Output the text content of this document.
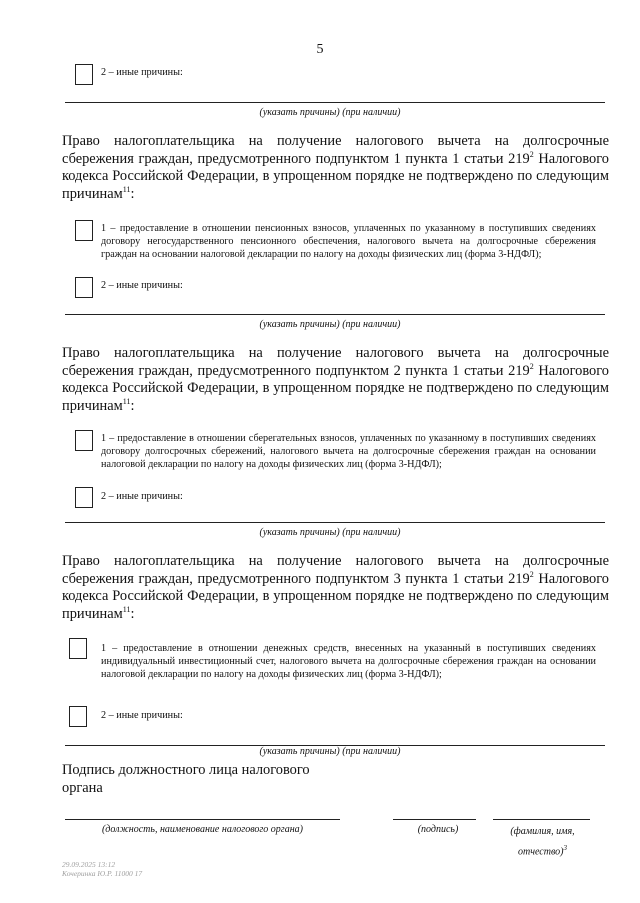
5
2 – иные причины:
(указать причины) (при наличии)
Право налогоплательщика на получение налогового вычета на долгосрочные сбережения граждан, предусмотренного подпунктом 1 пункта 1 статьи $219^2$ Налогового кодекса Российской Федерации, в упрощенном порядке не подтверждено по следующим причинам$^{11}$:
1 – предоставление в отношении пенсионных взносов, уплаченных по указанному в поступивших сведениях договору негосударственного пенсионного обеспечения, налогового вычета на долгосрочные сбережения граждан на основании налоговой декларации по налогу на доходы физических лиц (форма 3-НДФЛ);
2 – иные причины:
(указать причины) (при наличии)
Право налогоплательщика на получение налогового вычета на долгосрочные сбережения граждан, предусмотренного подпунктом 2 пункта 1 статьи $219^2$ Налогового кодекса Российской Федерации, в упрощенном порядке не подтверждено по следующим причинам$^{11}$:
1 – предоставление в отношении сберегательных взносов, уплаченных по указанному в поступивших сведениях договору долгосрочных сбережений, налогового вычета на долгосрочные сбережения граждан на основании налоговой декларации по налогу на доходы физических лиц (форма 3-НДФЛ);
2 – иные причины:
(указать причины) (при наличии)
Право налогоплательщика на получение налогового вычета на долгосрочные сбережения граждан, предусмотренного подпунктом 3 пункта 1 статьи $219^2$ Налогового кодекса Российской Федерации, в упрощенном порядке не подтверждено по следующим причинам$^{11}$:
1 – предоставление в отношении денежных средств, внесенных на указанный в поступивших сведениях индивидуальный инвестиционный счет, налогового вычета на долгосрочные сбережения граждан на основании налоговой декларации по налогу на доходы физических лиц (форма 3-НДФЛ);
2 – иные причины:
(указать причины) (при наличии)
Подпись должностного лица налогового органа
(должность, наименование налогового органа)	(подпись)	(фамилия, имя, отчество)$^3$
29.09.2025 13:12
Кочеринка Ю.Р. 11000 17
